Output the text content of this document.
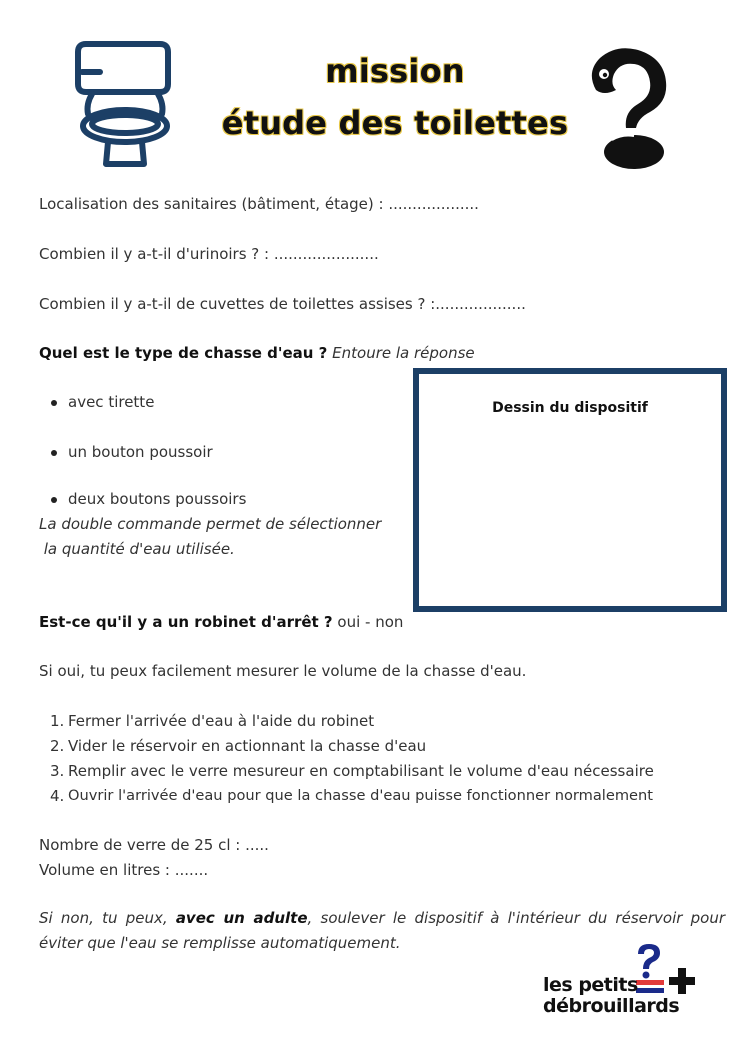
mission
étude des toilettes
Localisation des sanitaires (bâtiment, étage) : ...................
Combien il y a-t-il d'urinoirs ? : ......................
Combien il y a-t-il de cuvettes de toilettes assises ? :...................
Quel est le type de chasse d'eau ? Entoure la réponse
avec tirette
un bouton poussoir
deux boutons poussoirs
La double commande permet de sélectionner
la quantité d'eau utilisée.
Dessin du dispositif
Est-ce qu'il y a un robinet d'arrêt ? oui - non
Si oui, tu peux facilement mesurer le volume de la chasse d'eau.
1. Fermer l'arrivée d'eau à l'aide du robinet
2. Vider le réservoir en actionnant la chasse d'eau
3. Remplir avec le verre mesureur en comptabilisant le volume d'eau nécessaire
4. Ouvrir l'arrivée d'eau pour que la chasse d'eau puisse fonctionner normalement
Nombre de verre de 25 cl : .....
Volume en litres : .......
Si non, tu peux, avec un adulte, soulever le dispositif à l'intérieur du réservoir pour éviter que l'eau se remplisse automatiquement.
les petits
débrouillards
